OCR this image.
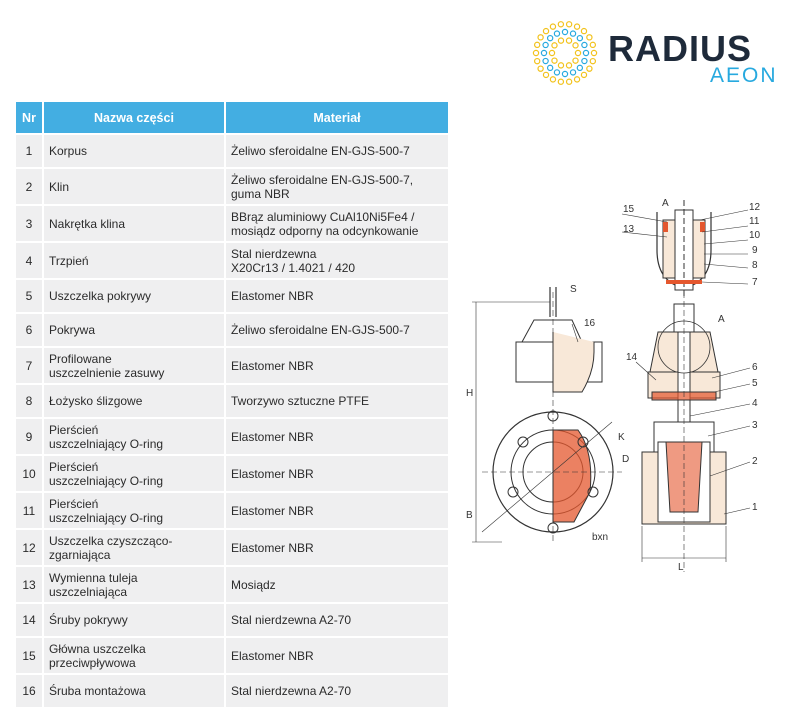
RADIUS
AEON
Nr	Nazwa części	Materiał
1	Korpus	Żeliwo sferoidalne EN-GJS-500-7
2	Klin	Żeliwo sferoidalne EN-GJS-500-7,
guma NBR
3	Nakrętka klina	BBrąz aluminiowy CuAl10Ni5Fe4 /
mosiądz odporny na odcynkowanie
4	Trzpień	Stal nierdzewna
X20Cr13 / 1.4021 / 420
5	Uszczelka pokrywy	Elastomer NBR
6	Pokrywa	Żeliwo sferoidalne EN-GJS-500-7
7	Profilowane
uszczelnienie zasuwy	Elastomer NBR
8	Łożysko ślizgowe	Tworzywo sztuczne PTFE
9	Pierścień
uszczelniający O-ring	Elastomer NBR
10	Pierścień
uszczelniający O-ring	Elastomer NBR
11	Pierścień
uszczelniający O-ring	Elastomer NBR
12	Uszczelka czyszcząco-
zgarniająca	Elastomer NBR
13	Wymienna tuleja
uszczelniająca	Mosiądz
14	Śruby pokrywy	Stal nierdzewna A2-70
15	Główna uszczelka
przeciwpływowa	Elastomer NBR
16	Śruba montażowa	Stal nierdzewna A2-70
15
13
12
11
10
9
8
7
16
14
6
5
4
3
2
1
A
A
K
D
H
B
L
S
bxn
